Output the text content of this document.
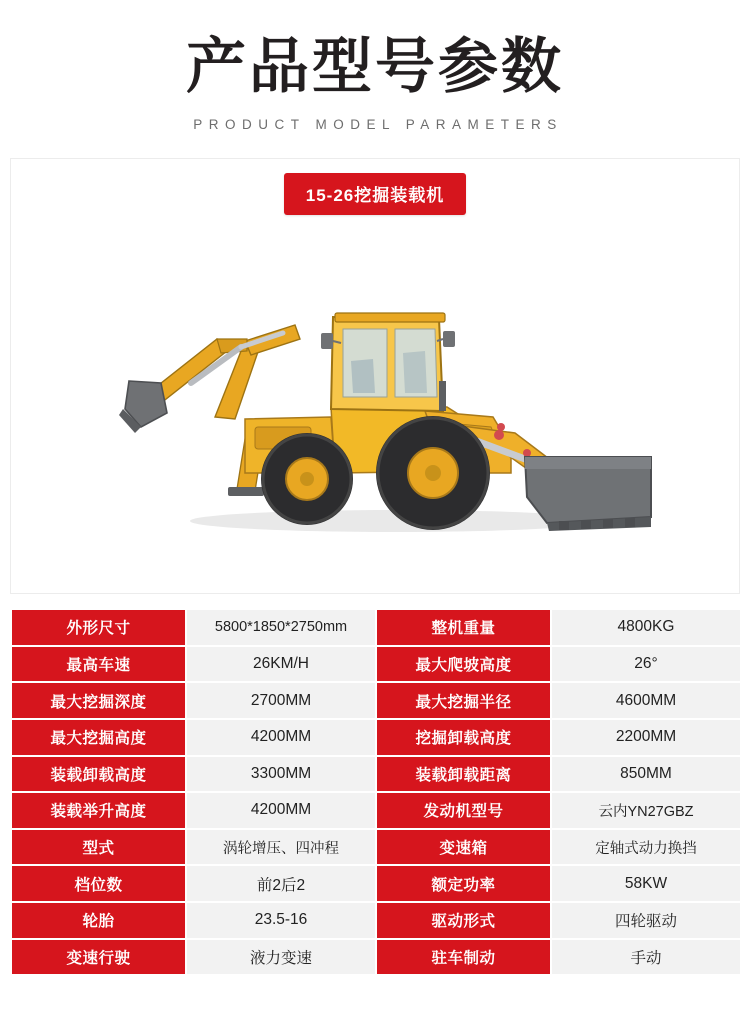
产品型号参数
PRODUCT MODEL PARAMETERS
15-26挖掘装载机
外形尺寸	5800*1850*2750mm	整机重量	4800KG
最高车速	26KM/H	最大爬坡高度	26°
最大挖掘深度	2700MM	最大挖掘半径	4600MM
最大挖掘高度	4200MM	挖掘卸载高度	2200MM
装载卸载高度	3300MM	装载卸载距离	850MM
装载举升高度	4200MM	发动机型号	云内YN27GBZ
型式	涡轮增压、四冲程	变速箱	定轴式动力换挡
档位数	前2后2	额定功率	58KW
轮胎	23.5-16	驱动形式	四轮驱动
变速行驶	液力变速	驻车制动	手动
